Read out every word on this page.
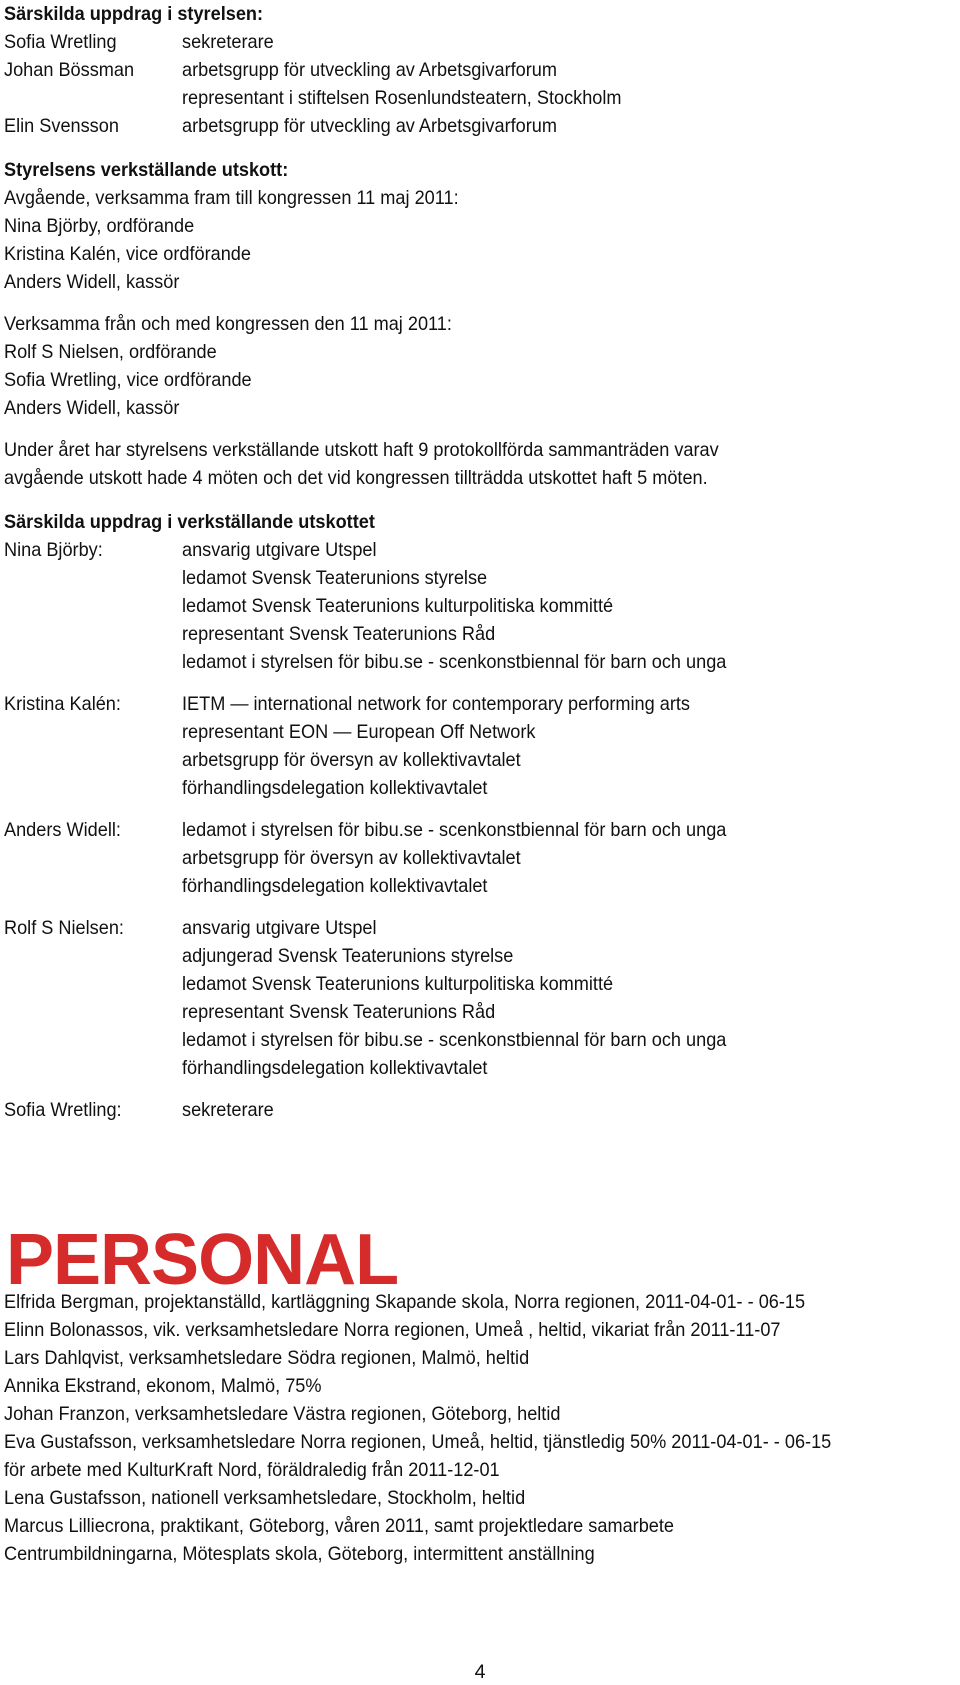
Särskilda uppdrag i styrelsen:
Sofia Wretling	sekreterare
Johan Bössman	arbetsgrupp för utveckling av Arbetsgivarforum
representant i stiftelsen Rosenlundsteatern, Stockholm
Elin Svensson	arbetsgrupp för utveckling av Arbetsgivarforum
Styrelsens verkställande utskott:
Avgående, verksamma fram till kongressen 11 maj 2011:
Nina Björby, ordförande
Kristina Kalén, vice ordförande
Anders Widell, kassör
Verksamma från och med kongressen den 11 maj 2011:
Rolf S Nielsen, ordförande
Sofia Wretling, vice ordförande
Anders Widell, kassör
Under året har styrelsens verkställande utskott haft 9 protokollförda sammanträden varav
avgående utskott hade 4 möten och det vid kongressen tillträdda utskottet haft 5 möten.
Särskilda uppdrag i verkställande utskottet
Nina Björby:	ansvarig utgivare Utspel
ledamot Svensk Teaterunions styrelse
ledamot Svensk Teaterunions kulturpolitiska kommitté
representant Svensk Teaterunions Råd
ledamot i styrelsen för bibu.se - scenkonstbiennal för barn och unga
Kristina Kalén:	IETM — international network for contemporary performing arts
representant EON — European Off Network
arbetsgrupp för översyn av kollektivavtalet
förhandlingsdelegation kollektivavtalet
Anders Widell:	ledamot i styrelsen för bibu.se - scenkonstbiennal för barn och unga
arbetsgrupp för översyn av kollektivavtalet
förhandlingsdelegation kollektivavtalet
Rolf S Nielsen:	ansvarig utgivare Utspel
adjungerad Svensk Teaterunions styrelse
ledamot Svensk Teaterunions kulturpolitiska kommitté
representant Svensk Teaterunions Råd
ledamot i styrelsen för bibu.se - scenkonstbiennal för barn och unga
förhandlingsdelegation kollektivavtalet
Sofia Wretling:	sekreterare
PERSONAL
Elfrida Bergman, projektanställd, kartläggning Skapande skola, Norra regionen, 2011-04-01- - 06-15
Elinn Bolonassos, vik. verksamhetsledare Norra regionen, Umeå , heltid, vikariat från 2011-11-07
Lars Dahlqvist, verksamhetsledare Södra regionen, Malmö, heltid
Annika Ekstrand, ekonom, Malmö, 75%
Johan Franzon, verksamhetsledare Västra regionen, Göteborg, heltid
Eva Gustafsson, verksamhetsledare Norra regionen, Umeå, heltid, tjänstledig 50% 2011-04-01- - 06-15
för arbete med KulturKraft Nord, föräldraledig från 2011-12-01
Lena Gustafsson, nationell verksamhetsledare, Stockholm, heltid
Marcus Lilliecrona, praktikant, Göteborg, våren 2011, samt projektledare samarbete
Centrumbildningarna, Mötesplats skola, Göteborg, intermittent anställning
4
